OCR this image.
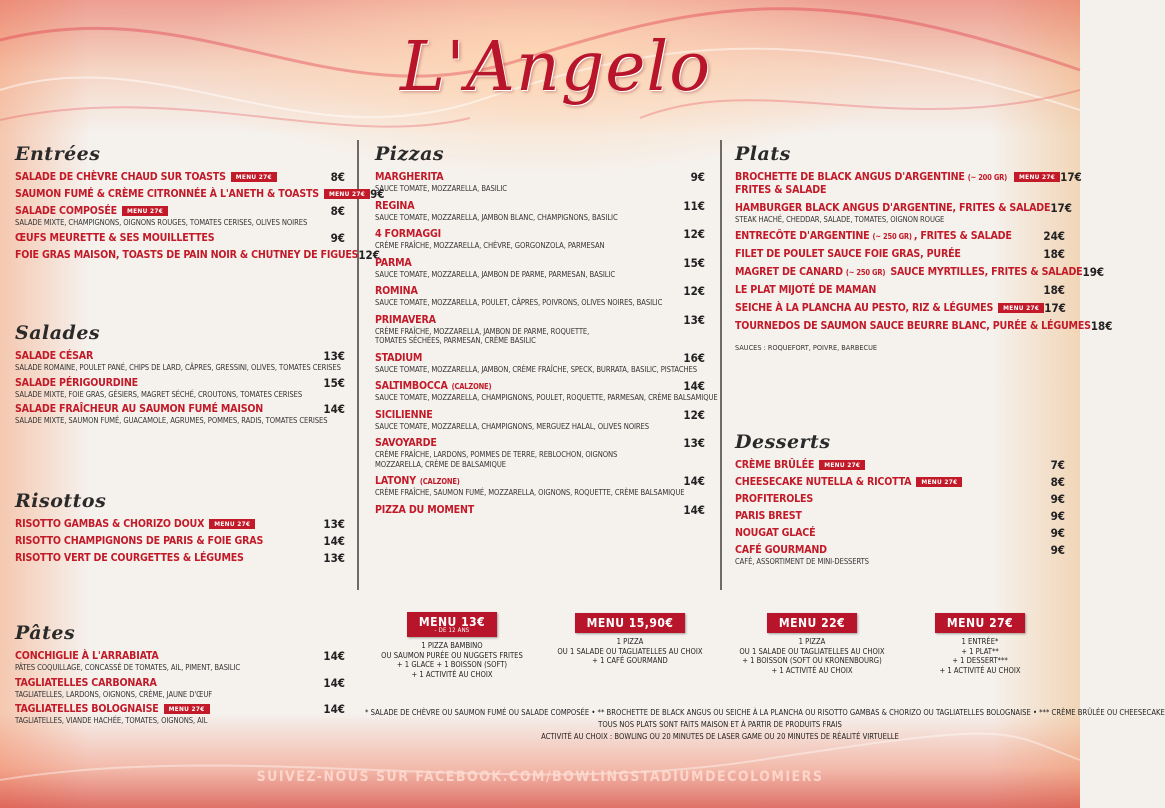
L'Angelo
Entrées
SALADE DE CHÈVRE CHAUD SUR TOASTS MENU 27€	8€
SAUMON FUMÉ & CRÈME CITRONNÉE À L'ANETH & TOASTS MENU 27€ 9€
SALADE COMPOSÉE MENU 27€	8€
SALADE MIXTE, CHAMPIGNONS, OIGNONS ROUGES, TOMATES CERISES, OLIVES NOIRES
ŒUFS MEURETTE & SES MOUILLETTES	9€
FOIE GRAS MAISON, TOASTS DE PAIN NOIR & CHUTNEY DE FIGUES 12€
Salades
SALADE CÉSAR	13€
SALADE ROMAINE, POULET PANÉ, CHIPS DE LARD, CÂPRES, GRESSINI, OLIVES, TOMATES CERISES
SALADE PÉRIGOURDINE	15€
SALADE MIXTE, FOIE GRAS, GÉSIERS, MAGRET SÉCHÉ, CROUTONS, TOMATES CERISES
SALADE FRAÎCHEUR AU SAUMON FUMÉ MAISON	14€
SALADE MIXTE, SAUMON FUMÉ, GUACAMOLE, AGRUMES, POMMES, RADIS, TOMATES CERISES
Risottos
RISOTTO GAMBAS & CHORIZO DOUX MENU 27€	13€
RISOTTO CHAMPIGNONS DE PARIS & FOIE GRAS	14€
RISOTTO VERT DE COURGETTES & LÉGUMES	13€
Pâtes
CONCHIGLIE À L'ARRABIATA	14€
PÂTES COQUILLAGE, CONCASSÉ DE TOMATES, AIL, PIMENT, BASILIC
TAGLIATELLES CARBONARA	14€
TAGLIATELLES, LARDONS, OIGNONS, CRÈME, JAUNE D'ŒUF
TAGLIATELLES BOLOGNAISE MENU 27€	14€
TAGLIATELLES, VIANDE HACHÉE, TOMATES, OIGNONS, AIL
Pizzas
MARGHERITA	9€
SAUCE TOMATE, MOZZARELLA, BASILIC
REGINA	11€
SAUCE TOMATE, MOZZARELLA, JAMBON BLANC, CHAMPIGNONS, BASILIC
4 FORMAGGI	12€
CRÈME FRAÎCHE, MOZZARELLA, CHÈVRE, GORGONZOLA, PARMESAN
PARMA	15€
SAUCE TOMATE, MOZZARELLA, JAMBON DE PARME, PARMESAN, BASILIC
ROMINA	12€
SAUCE TOMATE, MOZZARELLA, POULET, CÂPRES, POIVRONS, OLIVES NOIRES, BASILIC
PRIMAVERA	13€
CRÈME FRAÎCHE, MOZZARELLA, JAMBON DE PARME, ROQUETTE,
TOMATES SÉCHÉES, PARMESAN, CRÈME BASILIC
STADIUM	16€
SAUCE TOMATE, MOZZARELLA, JAMBON, CRÈME FRAÎCHE, SPECK, BURRATA, BASILIC, PISTACHES
SALTIMBOCCA (CALZONE)	14€
SAUCE TOMATE, MOZZARELLA, CHAMPIGNONS, POULET, ROQUETTE, PARMESAN, CRÈME BALSAMIQUE
SICILIENNE	12€
SAUCE TOMATE, MOZZARELLA, CHAMPIGNONS, MERGUEZ HALAL, OLIVES NOIRES
SAVOYARDE	13€
CRÈME FRAÎCHE, LARDONS, POMMES DE TERRE, REBLOCHON, OIGNONS
MOZZARELLA, CRÈME DE BALSAMIQUE
LATONY (CALZONE)	14€
CRÈME FRAÎCHE, SAUMON FUMÉ, MOZZARELLA, OIGNONS, ROQUETTE, CRÈME BALSAMIQUE
PIZZA DU MOMENT	14€
Plats
BROCHETTE DE BLACK ANGUS D'ARGENTINE (~ 200 GR) MENU 27€ 17€
FRITES & SALADE
HAMBURGER BLACK ANGUS D'ARGENTINE, FRITES & SALADE 17€
STEAK HACHÉ, CHEDDAR, SALADE, TOMATES, OIGNON ROUGE
ENTRECÔTE D'ARGENTINE (~ 250 GR) , FRITES & SALADE	24€
FILET DE POULET SAUCE FOIE GRAS, PURÉE	18€
MAGRET DE CANARD (~ 250 GR) SAUCE MYRTILLES, FRITES & SALADE 19€
LE PLAT MIJOTÉ DE MAMAN	18€
SEICHE À LA PLANCHA AU PESTO, RIZ & LÉGUMES MENU 27€ 17€
TOURNEDOS DE SAUMON SAUCE BEURRE BLANC, PURÉE & LÉGUMES 18€
SAUCES : ROQUEFORT, POIVRE, BARBECUE
Desserts
CRÈME BRÛLÉE MENU 27€	7€
CHEESECAKE NUTELLA & RICOTTA MENU 27€	8€
PROFITEROLES	9€
PARIS BREST	9€
NOUGAT GLACÉ	9€
CAFÉ GOURMAND	9€
CAFÉ, ASSORTIMENT DE MINI-DESSERTS
MENU 13€
- DE 12 ANS
1 PIZZA BAMBINO
OU SAUMON PURÉE OU NUGGETS FRITES
+ 1 GLACE + 1 BOISSON (SOFT)
+ 1 ACTIVITÉ AU CHOIX
MENU 15,90€
1 PIZZA
OU 1 SALADE OU TAGLIATELLES AU CHOIX
+ 1 CAFÉ GOURMAND
MENU 22€
1 PIZZA
OU 1 SALADE OU TAGLIATELLES AU CHOIX
+ 1 BOISSON (SOFT OU KRONENBOURG)
+ 1 ACTIVITÉ AU CHOIX
MENU 27€
1 ENTRÉE*
+ 1 PLAT**
+ 1 DESSERT***
+ 1 ACTIVITÉ AU CHOIX
* SALADE DE CHÈVRE OU SAUMON FUMÉ OU SALADE COMPOSÉE • ** BROCHETTE DE BLACK ANGUS OU SEICHE À LA PLANCHA OU RISOTTO GAMBAS & CHORIZO OU TAGLIATELLES BOLOGNAISE • *** CRÈME BRÛLÉE OU CHEESECAKE
TOUS NOS PLATS SONT FAITS MAISON ET À PARTIR DE PRODUITS FRAIS
ACTIVITÉ AU CHOIX : BOWLING OU 20 MINUTES DE LASER GAME OU 20 MINUTES DE RÉALITÉ VIRTUELLE
SUIVEZ-NOUS SUR FACEBOOK.COM/BOWLINGSTADIUMDECOLOMIERS
